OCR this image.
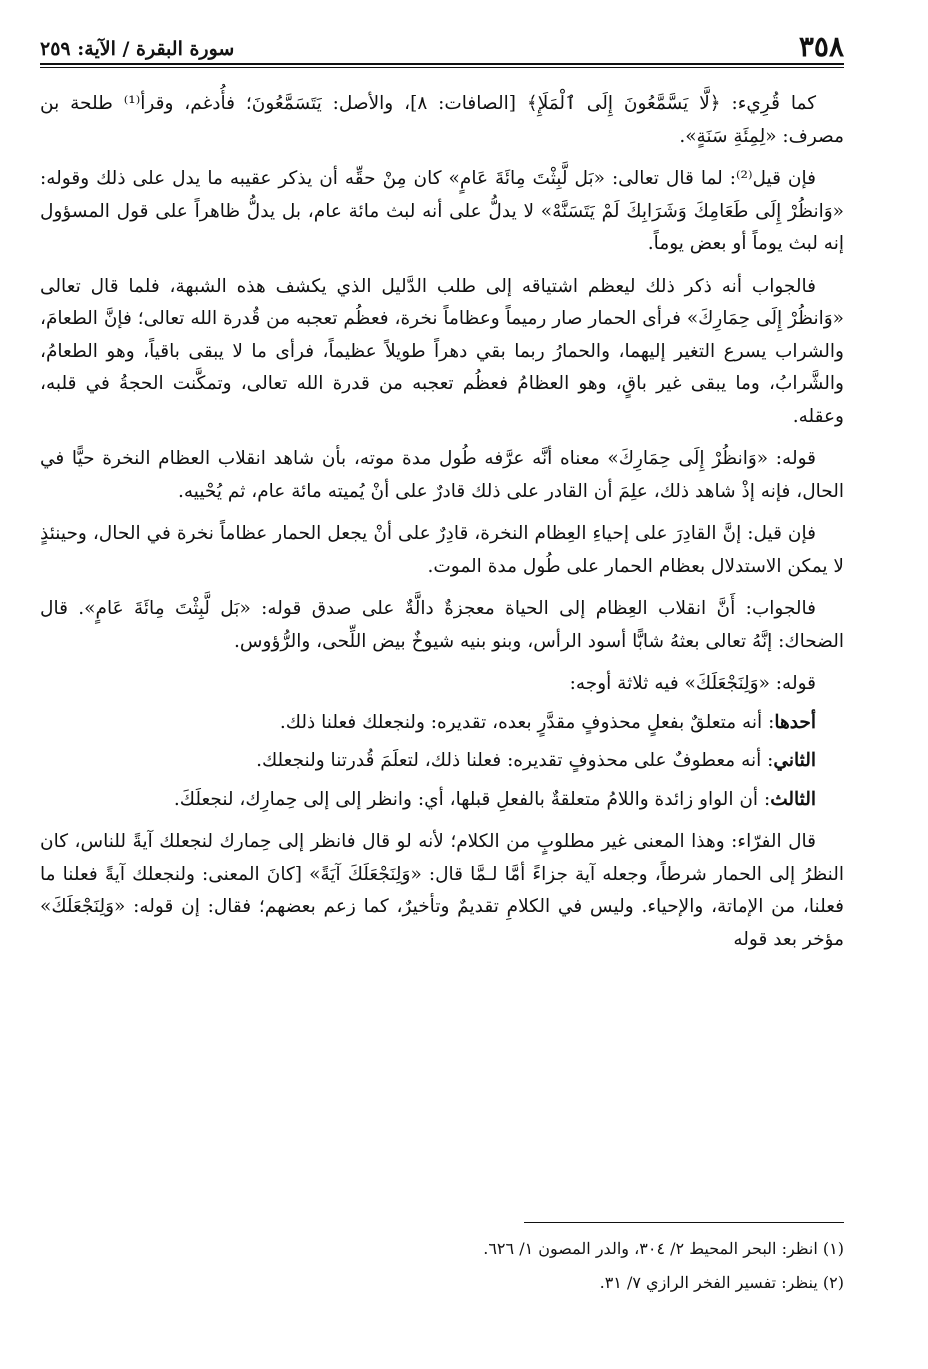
٣٥٨
سورة البقرة / الآية: ٢٥٩

كما قُرِيء: ﴿لَّا يَسَّمَّعُونَ إِلَى ٱلْمَلَإِ﴾ [الصافات: ٨]، والأصل: يَتَسَمَّعُونَ؛ فأُدغم، وقرأ⁽¹⁾ طلحة بن مصرف: «لِمِئَةِ سَنَةٍ».

فإن قيل⁽²⁾: لما قال تعالى: «بَل لَّبِثْتَ مِائَةَ عَامٍ» كان مِنْ حقِّه أن يذكر عقيبه ما يدل على ذلك وقوله: «وَانظُرْ إِلَى طَعَامِكَ وَشَرَابِكَ لَمْ يَتَسَنَّهْ» لا يدلُّ على أنه لبث مائة عام، بل يدلُّ ظاهراً على قول المسؤول إنه لبث يوماً أو بعض يوماً.

فالجواب أنه ذكر ذلك ليعظم اشتياقه إلى طلب الدَّليل الذي يكشف هذه الشبهة، فلما قال تعالى «وَانظُرْ إِلَى حِمَارِكَ» فرأى الحمار صار رميماً وعظاماً نخرة، فعظُم تعجبه من قُدرة الله تعالى؛ فإنَّ الطعامَ، والشراب يسرع التغير إليهما، والحمارُ ربما بقي دهراً طويلاً عظيماً، فرأى ما لا يبقى باقياً، وهو الطعامُ، والشَّرابُ، وما يبقى غير باقٍ، وهو العظامُ فعظُم تعجبه من قدرة الله تعالى، وتمكَّنت الحجةُ في قلبه، وعقله.

قوله: «وَانظُرْ إِلَى حِمَارِكَ» معناه أنَّه عرَّفه طُول مدة موته، بأن شاهد انقلاب العظام النخرة حيًّا في الحال، فإنه إذْ شاهد ذلك، علِمَ أن القادر على ذلك قادرٌ على أنْ يُميته مائة عام، ثم يُحْييه.

فإن قيل: إنَّ القادِرَ على إحياءِ العِظام النخرة، قادِرٌ على أنْ يجعل الحمار عظاماً نخرة في الحال، وحينئذٍ لا يمكن الاستدلال بعظام الحمار على طُول مدة الموت.

فالجواب: أَنَّ انقلاب العِظام إلى الحياة معجزةٌ دالَّةٌ على صدق قوله: «بَل لَّبِثْتَ مِائَةَ عَامٍ». قال الضحاك: إنَّهُ تعالى بعثهُ شابًّا أسود الرأس، وبنو بنيه شيوخٌ بيض اللِّحى، والرُّؤوس.

قوله: «وَلِنَجْعَلَكَ» فيه ثلاثة أوجه:

أحدها: أنه متعلقٌ بفعلٍ محذوفٍ مقدَّرٍ بعده، تقديره: ولنجعلك فعلنا ذلك.

الثاني: أنه معطوفٌ على محذوفٍ تقديره: فعلنا ذلك، لتعلَمَ قُدرتنا ولنجعلك.

الثالث: أن الواو زائدة واللامُ متعلقةٌ بالفعلِ قبلها، أي: وانظر إلى إلى حِمارِك، لنجعلَكَ.

قال الفرّاء: وهذا المعنى غير مطلوبٍ من الكلام؛ لأنه لو قال فانظر إلى حِمارك لنجعلك آيةً للناس، كان النظرُ إلى الحمار شرطاً، وجعله آية جزاءً أمَّا لـمَّا قال: «وَلِنَجْعَلَكَ آيَةً» [كانَ المعنى: ولنجعلك آيةً فعلنا ما فعلنا، من الإماتة، والإحياء. وليس في الكلامِ تقديمٌ وتأخيرٌ، كما زعم بعضهم؛ فقال: إن قوله: «وَلِنَجْعَلَكَ» مؤخر بعد قوله

(١) انظر: البحر المحيط ٢/ ٣٠٤، والدر المصون ١/ ٦٢٦.

(٢) ينظر: تفسير الفخر الرازي ٧/ ٣١.
